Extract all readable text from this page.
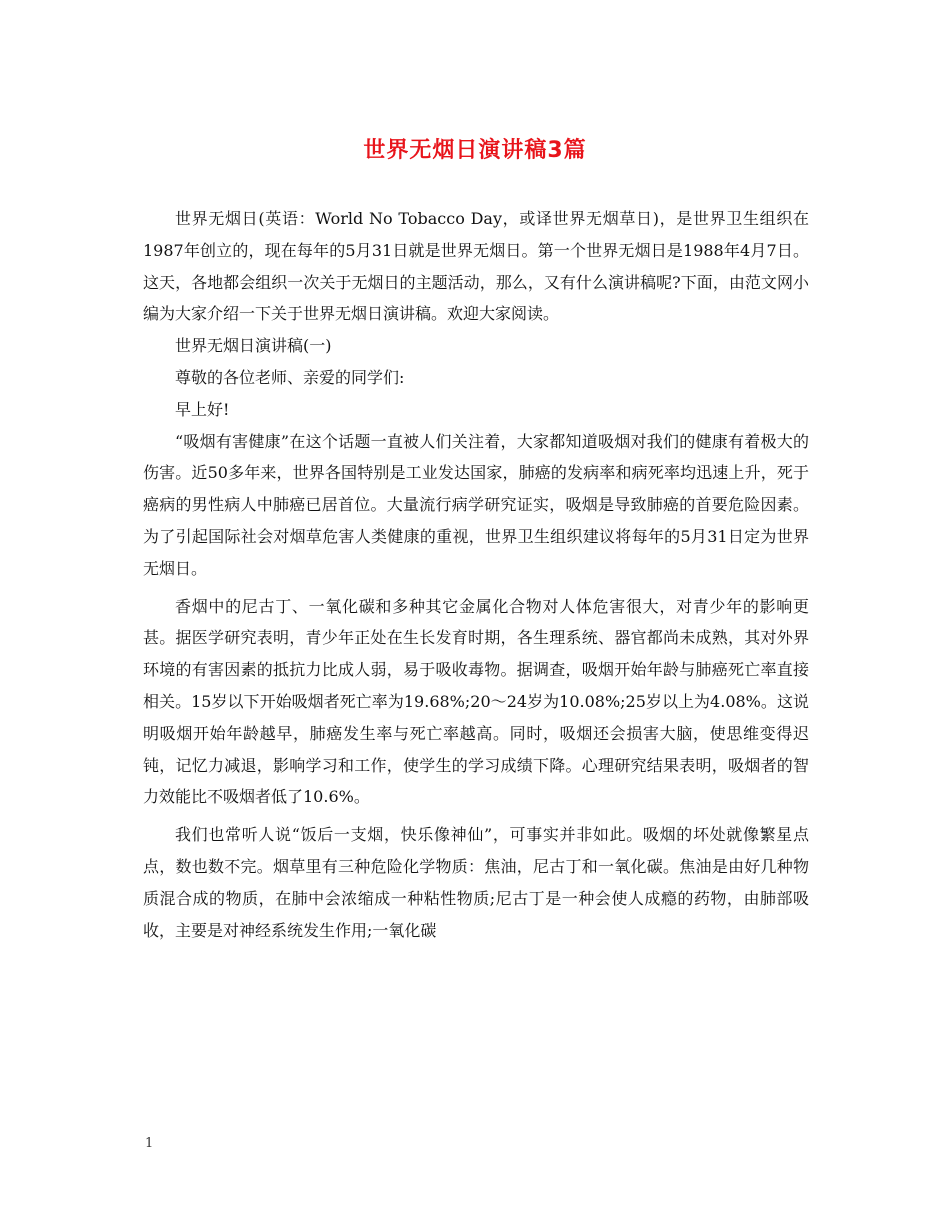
世界无烟日演讲稿3篇

世界无烟日(英语：World No Tobacco Day，或译世界无烟草日)，是世界卫生组织在1987年创立的，现在每年的5月31日就是世界无烟日。第一个世界无烟日是1988年4月7日。这天，各地都会组织一次关于无烟日的主题活动，那么，又有什么演讲稿呢?下面，由范文网小编为大家介绍一下关于世界无烟日演讲稿。欢迎大家阅读。

世界无烟日演讲稿(一)

尊敬的各位老师、亲爱的同学们:

早上好!

“吸烟有害健康”在这个话题一直被人们关注着，大家都知道吸烟对我们的健康有着极大的伤害。近50多年来，世界各国特别是工业发达国家，肺癌的发病率和病死率均迅速上升，死于癌病的男性病人中肺癌已居首位。大量流行病学研究证实，吸烟是导致肺癌的首要危险因素。为了引起国际社会对烟草危害人类健康的重视，世界卫生组织建议将每年的5月31日定为世界无烟日。

香烟中的尼古丁、一氧化碳和多种其它金属化合物对人体危害很大，对青少年的影响更甚。据医学研究表明，青少年正处在生长发育时期，各生理系统、器官都尚未成熟，其对外界环境的有害因素的抵抗力比成人弱，易于吸收毒物。据调查，吸烟开始年龄与肺癌死亡率直接相关。15岁以下开始吸烟者死亡率为19.68%;20～24岁为10.08%;25岁以上为4.08%。这说明吸烟开始年龄越早，肺癌发生率与死亡率越高。同时，吸烟还会损害大脑，使思维变得迟钝，记忆力减退，影响学习和工作，使学生的学习成绩下降。心理研究结果表明，吸烟者的智力效能比不吸烟者低了10.6%。

我们也常听人说“饭后一支烟，快乐像神仙”，可事实并非如此。吸烟的坏处就像繁星点点，数也数不完。烟草里有三种危险化学物质：焦油，尼古丁和一氧化碳。焦油是由好几种物质混合成的物质，在肺中会浓缩成一种粘性物质;尼古丁是一种会使人成瘾的药物，由肺部吸收，主要是对神经系统发生作用;一氧化碳

1
